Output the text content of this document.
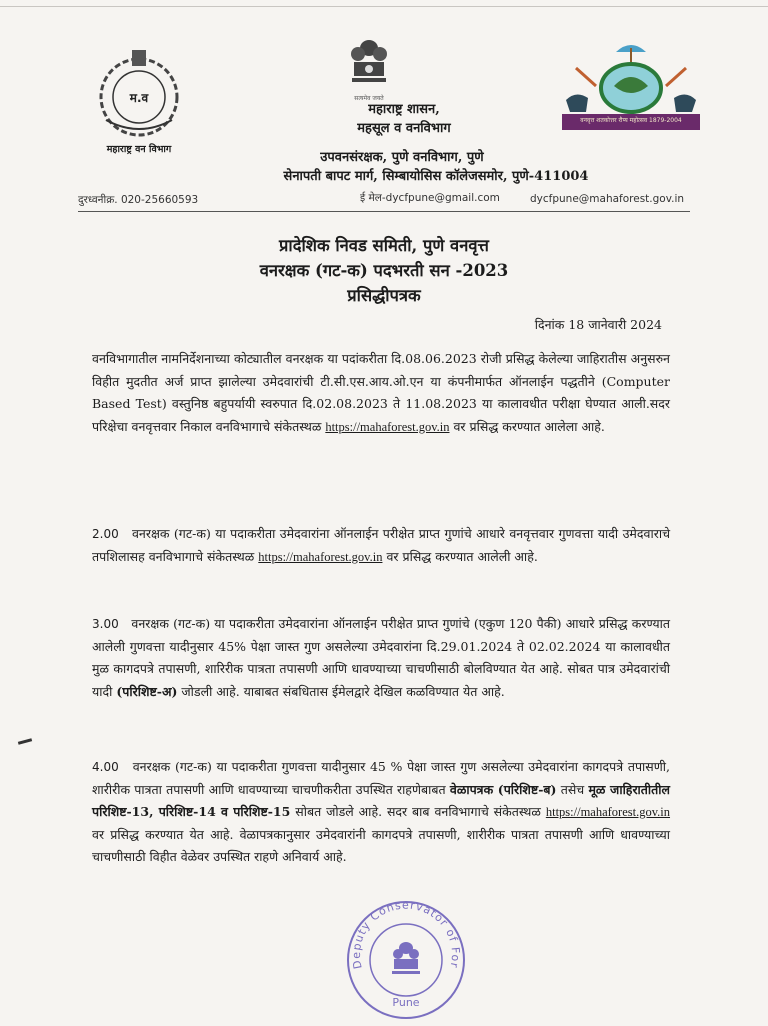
म.व
महाराष्ट्र वन विभाग
सत्यमेव जयते
वनवृत्त शतकोत्तर रौप्य महोत्सव 1879-2004
महाराष्ट्र शासन,
महसूल व वनविभाग
उपवनसंरक्षक, पुणे वनविभाग, पुणे
सेनापती बापट मार्ग, सिम्बायोसिस कॉलेजसमोर, पुणे-411004
दुरध्वनीक्र. 020-25660593	ई मेल-dycfpune@gmail.com	dycfpune@mahaforest.gov.in
प्रादेशिक निवड समिती, पुणे वनवृत्त
वनरक्षक (गट-क) पदभरती सन -2023
प्रसिद्धीपत्रक
दिनांक 18 जानेवारी 2024
वनविभागातील नामनिर्देशनाच्या कोट्यातील वनरक्षक या पदांकरीता दि.08.06.2023 रोजी प्रसिद्ध केलेल्या जाहिरातीस अनुसरुन विहीत मुदतीत अर्ज प्राप्त झालेल्या उमेदवारांची टी.सी.एस.आय.ओ.एन या कंपनीमार्फत ऑनलाईन पद्धतीने (Computer Based Test) वस्तुनिष्ठ बहुपर्यायी स्वरुपात दि.02.08.2023 ते 11.08.2023 या कालावधीत परीक्षा घेण्यात आली.सदर परिक्षेचा वनवृत्तवार निकाल वनविभागाचे संकेतस्थळ https://mahaforest.gov.in वर प्रसिद्ध करण्यात आलेला आहे.
2.00 वनरक्षक (गट-क) या पदाकरीता उमेदवारांना ऑनलाईन परीक्षेत प्राप्त गुणांचे आधारे वनवृत्तवार गुणवत्ता यादी उमेदवाराचे तपशिलासह वनविभागाचे संकेतस्थळ https://mahaforest.gov.in वर प्रसिद्ध करण्यात आलेली आहे.
3.00 वनरक्षक (गट-क) या पदाकरीता उमेदवारांना ऑनलाईन परीक्षेत प्राप्त गुणांचे (एकुण 120 पैकी) आधारे प्रसिद्ध करण्यात आलेली गुणवत्ता यादीनुसार 45% पेक्षा जास्त गुण असलेल्या उमेदवारांना दि.29.01.2024 ते 02.02.2024 या कालावधीत मुळ कागदपत्रे तपासणी, शारिरीक पात्रता तपासणी आणि धावण्याच्या चाचणीसाठी बोलविण्यात येत आहे. सोबत पात्र उमेदवारांची यादी (परिशिष्ट-अ) जोडली आहे. याबाबत संबधितास ईमेलद्वारे देखिल कळविण्यात येत आहे.
4.00 वनरक्षक (गट-क) या पदाकरीता गुणवत्ता यादीनुसार 45 % पेक्षा जास्त गुण असलेल्या उमेदवारांना कागदपत्रे तपासणी, शारीरीक पात्रता तपासणी आणि धावण्याच्या चाचणीकरीता उपस्थित राहणेबाबत वेळापत्रक (परिशिष्ट-ब) तसेच मूळ जाहिरातीतील परिशिष्ट-13, परिशिष्ट-14 व परिशिष्ट-15 सोबत जोडले आहे. सदर बाब वनविभागाचे संकेतस्थळ https://mahaforest.gov.in वर प्रसिद्ध करण्यात येत आहे. वेळापत्रकानुसार उमेदवारांनी कागदपत्रे तपासणी, शारीरीक पात्रता तपासणी आणि धावण्याच्या चाचणीसाठी विहीत वेळेवर उपस्थित राहणे अनिवार्य आहे.
Deputy Conservator of For
Pune
